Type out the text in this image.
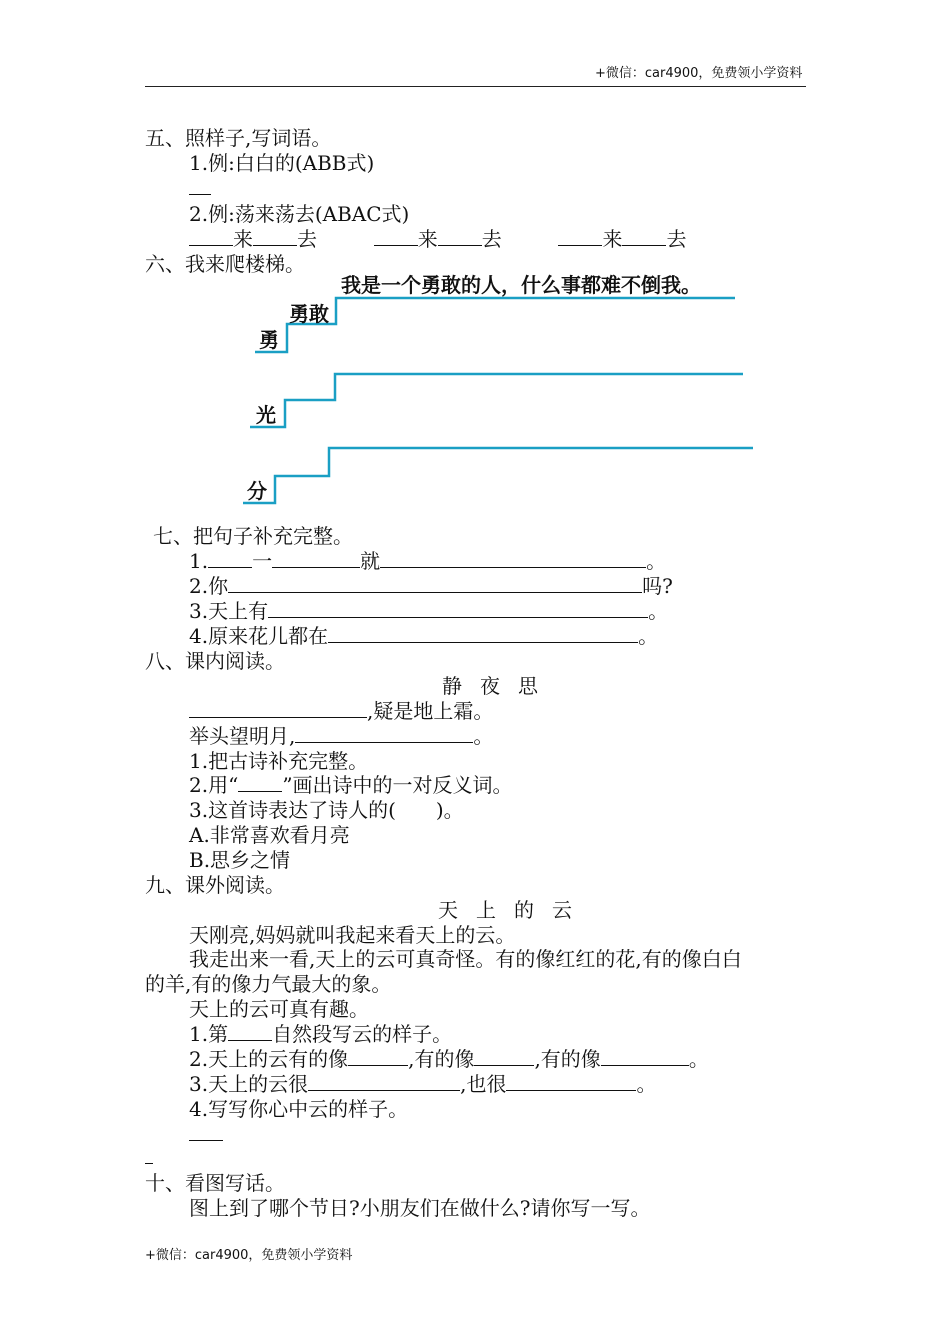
+微信：car4900，免费领小学资料
五、照样子,写词语。
1.例:白白的(ABB式)
2.例:荡来荡去(ABAC式)
来 去	来 去	来 去
六、我来爬楼梯。
我是一个勇敢的人，什么事都难不倒我。
勇敢
勇
光
分
七、把句子补充完整。
1. 一	就	。
2.你	吗?
3.天上有	。
4.原来花儿都在	。
八、课内阅读。
静夜思
,疑是地上霜。
举头望明月,	。
1.把古诗补充完整。
2.用“ ”画出诗中的一对反义词。
3.这首诗表达了诗人的(　　)。
A.非常喜欢看月亮
B.思乡之情
九、课外阅读。
天上的云
天刚亮,妈妈就叫我起来看天上的云。
我走出来一看,天上的云可真奇怪。有的像红红的花,有的像白白
的羊,有的像力气最大的象。
天上的云可真有趣。
1.第 自然段写云的样子。
2.天上的云有的像	,有的像	,有的像	。
3.天上的云很	,也很	。
4.写写你心中云的样子。
十、看图写话。
图上到了哪个节日?小朋友们在做什么?请你写一写。
+微信：car4900，免费领小学资料
